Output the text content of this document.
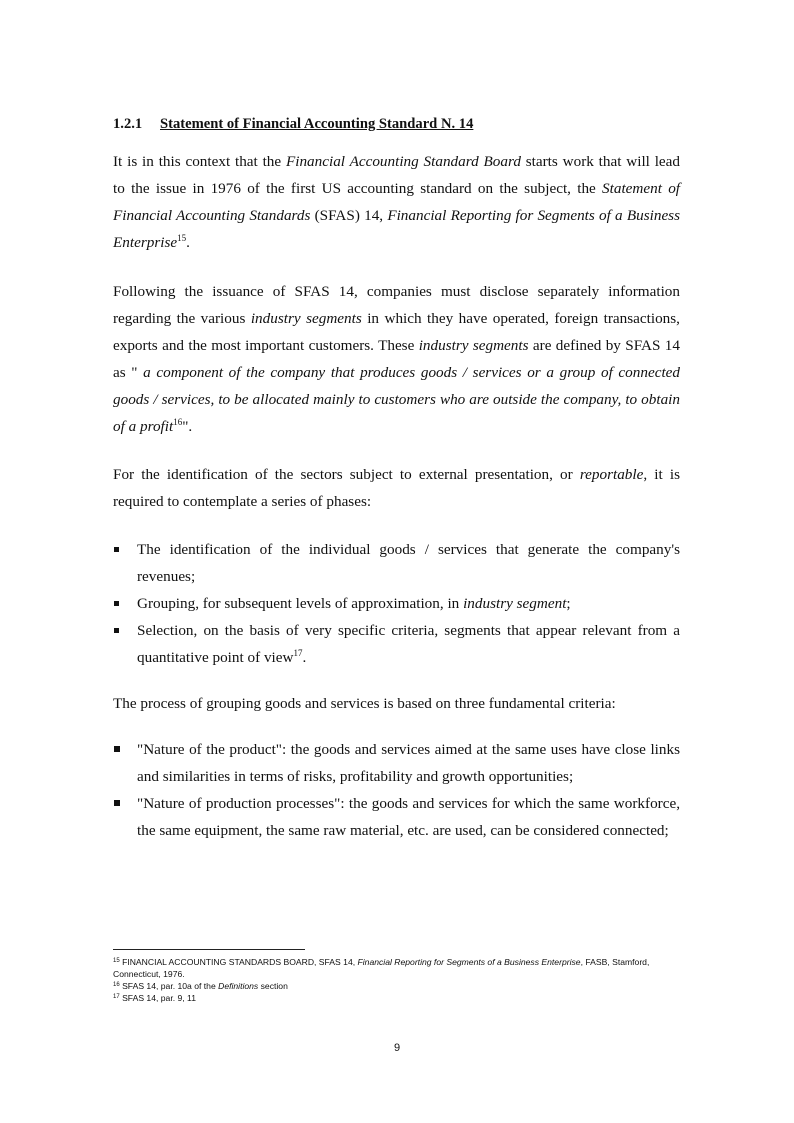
1.2.1 Statement of Financial Accounting Standard N. 14

It is in this context that the Financial Accounting Standard Board starts work that will lead to the issue in 1976 of the first US accounting standard on the subject, the Statement of Financial Accounting Standards (SFAS) 14, Financial Reporting for Segments of a Business Enterprise$^{15}$.

Following the issuance of SFAS 14, companies must disclose separately information regarding the various industry segments in which they have operated, foreign transactions, exports and the most important customers. These industry segments are defined by SFAS 14 as " a component of the company that produces goods / services or a group of connected goods / services, to be allocated mainly to customers who are outside the company, to obtain of a profit$^{16}$".

For the identification of the sectors subject to external presentation, or reportable, it is required to contemplate a series of phases:

The identification of the individual goods / services that generate the company's revenues;
Grouping, for subsequent levels of approximation, in industry segment;
Selection, on the basis of very specific criteria, segments that appear relevant from a quantitative point of view$^{17}$.

The process of grouping goods and services is based on three fundamental criteria:

"Nature of the product": the goods and services aimed at the same uses have close links and similarities in terms of risks, profitability and growth opportunities;
"Nature of production processes": the goods and services for which the same workforce, the same equipment, the same raw material, etc. are used, can be considered connected;

$^{15}$ FINANCIAL ACCOUNTING STANDARDS BOARD, SFAS 14, Financial Reporting for Segments of a Business Enterprise, FASB, Stamford, Connecticut, 1976.

$^{16}$ SFAS 14, par. 10a of the Definitions section

$^{17}$ SFAS 14, par. 9, 11

9
